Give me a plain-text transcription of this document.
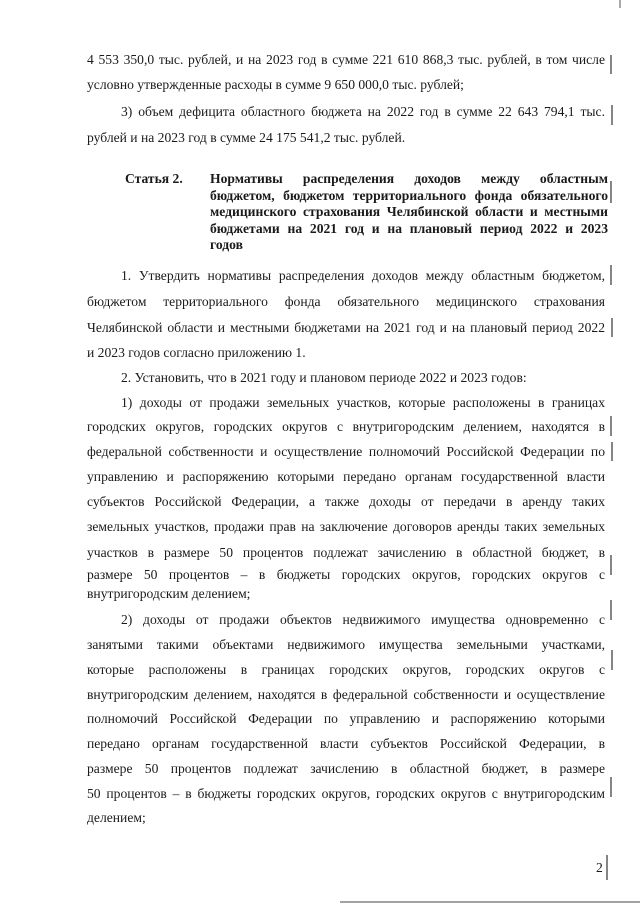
4 553 350,0 тыс. рублей, и на 2023 год в сумме 221 610 868,3 тыс. рублей, в том числе
условно утвержденные расходы в сумме 9 650 000,0 тыс. рублей;
3) объем дефицита областного бюджета на 2022 год в сумме 22 643 794,1 тыс.
рублей и на 2023 год в сумме 24 175 541,2 тыс. рублей.
Статья 2. Нормативы распределения доходов между областным
бюджетом, бюджетом территориального фонда обязательного
медицинского страхования Челябинской области и местными
бюджетами на 2021 год и на плановый период 2022 и 2023
годов
1. Утвердить нормативы распределения доходов между областным бюджетом,
бюджетом территориального фонда обязательного медицинского страхования
Челябинской области и местными бюджетами на 2021 год и на плановый период 2022
и 2023 годов согласно приложению 1.
2. Установить, что в 2021 году и плановом периоде 2022 и 2023 годов:
1) доходы от продажи земельных участков, которые расположены в границах
городских округов, городских округов с внутригородским делением, находятся в
федеральной собственности и осуществление полномочий Российской Федерации по
управлению и распоряжению которыми передано органам государственной власти
субъектов Российской Федерации, а также доходы от передачи в аренду таких
земельных участков, продажи прав на заключение договоров аренды таких земельных
участков в размере 50 процентов подлежат зачислению в областной бюджет, в
размере 50 процентов – в бюджеты городских округов, городских округов с
внутригородским делением;
2) доходы от продажи объектов недвижимого имущества одновременно с
занятыми такими объектами недвижимого имущества земельными участками,
которые расположены в границах городских округов, городских округов с
внутригородским делением, находятся в федеральной собственности и осуществление
полномочий Российской Федерации по управлению и распоряжению которыми
передано органам государственной власти субъектов Российской Федерации, в
размере 50 процентов подлежат зачислению в областной бюджет, в размере
50 процентов – в бюджеты городских округов, городских округов с внутригородским
делением;
2
